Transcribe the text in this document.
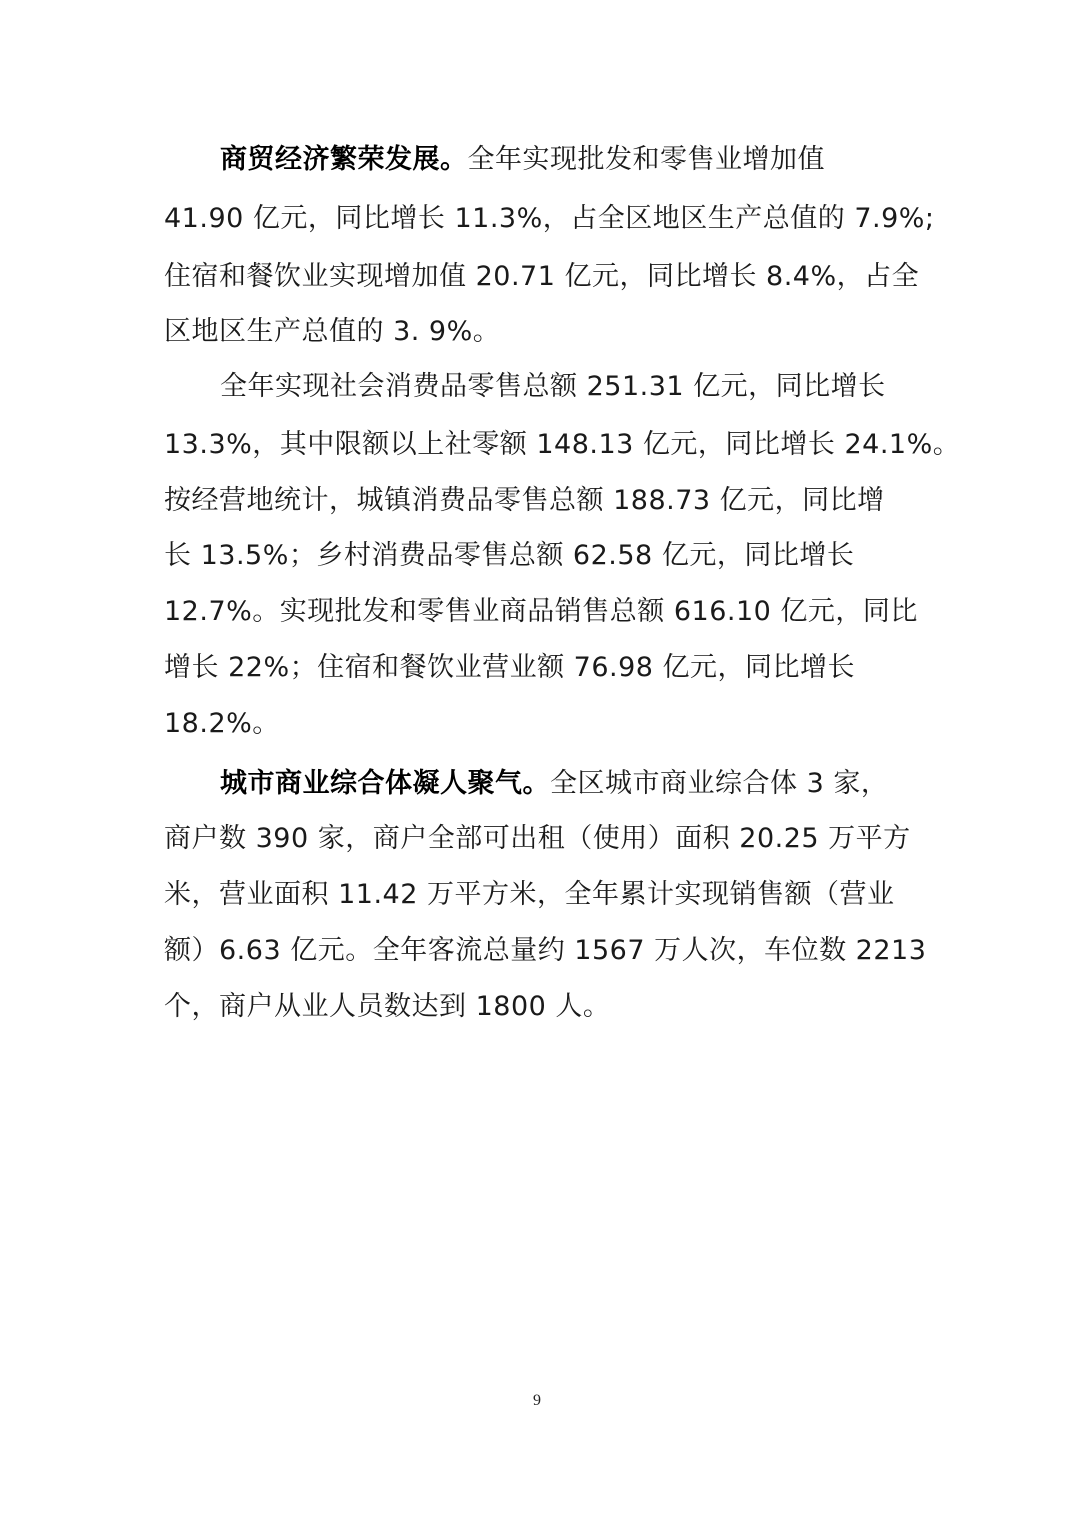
商贸经济繁荣发展。全年实现批发和零售业增加值
41.90 亿元，同比增长 11.3%，占全区地区生产总值的 7.9%;
住宿和餐饮业实现增加值 20.71 亿元，同比增长 8.4%，占全
区地区生产总值的 3. 9%。
全年实现社会消费品零售总额 251.31 亿元，同比增长
13.3%，其中限额以上社零额 148.13 亿元，同比增长 24.1%。
按经营地统计，城镇消费品零售总额 188.73 亿元，同比增
长 13.5%；乡村消费品零售总额 62.58 亿元，同比增长
12.7%。实现批发和零售业商品销售总额 616.10 亿元，同比
增长 22%；住宿和餐饮业营业额 76.98 亿元，同比增长
18.2%。
城市商业综合体凝人聚气。全区城市商业综合体 3 家，
商户数 390 家，商户全部可出租（使用）面积 20.25 万平方
米，营业面积 11.42 万平方米，全年累计实现销售额（营业
额）6.63 亿元。全年客流总量约 1567 万人次，车位数 2213
个，商户从业人员数达到 1800 人。
9
